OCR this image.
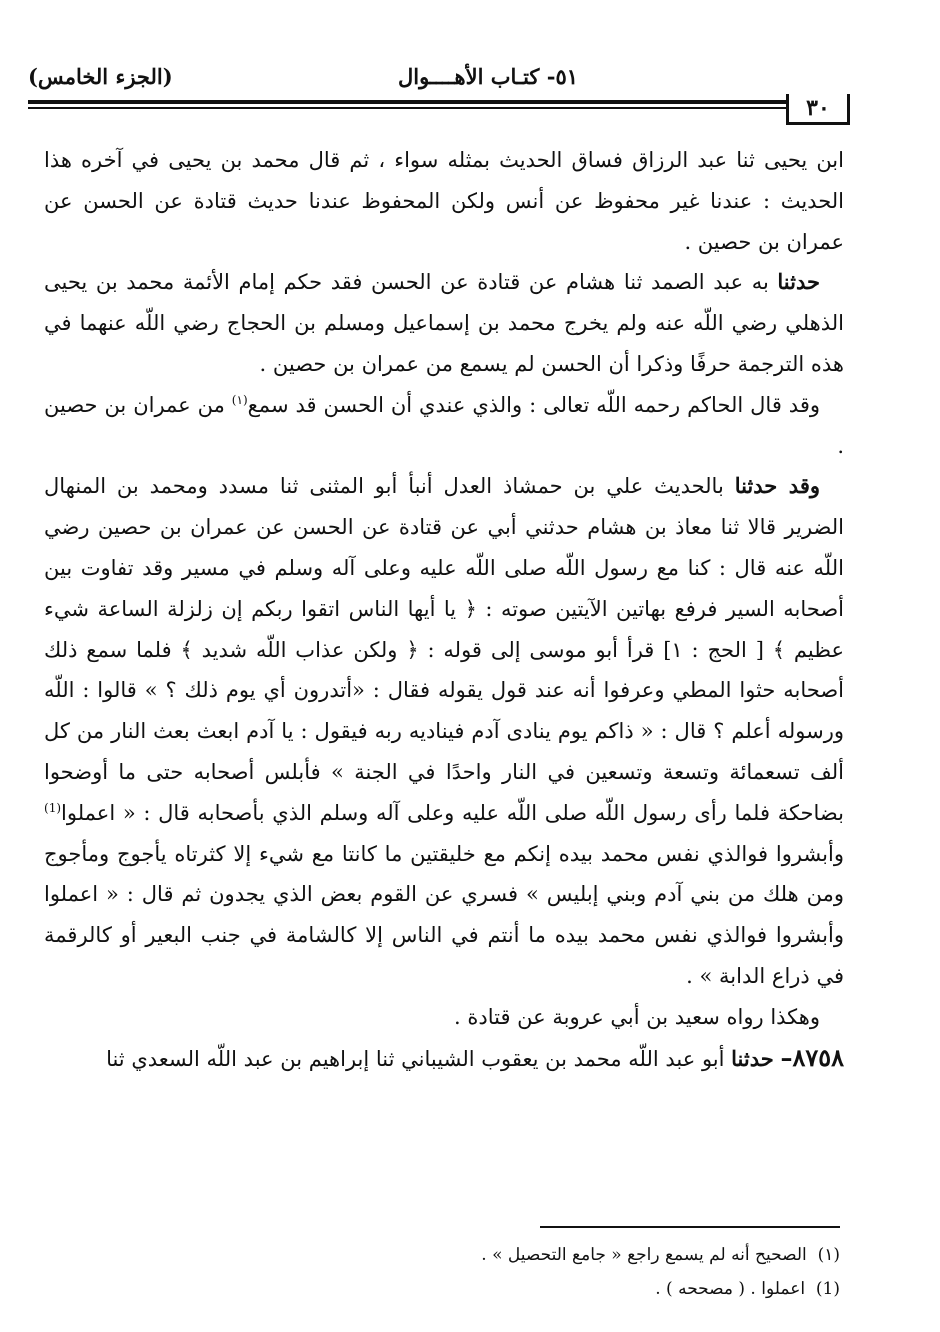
٥١- كتـاب الأهــــوال
(الجزء الخامس)
٣٠

ابن يحيى ثنا عبد الرزاق فساق الحديث بمثله سواء ، ثم قال محمد بن يحيى في آخره هذا الحديث : عندنا غير محفوظ عن أنس ولكن المحفوظ عندنا حديث قتادة عن الحسن عن عمران بن حصين .

حدثنا به عبد الصمد ثنا هشام عن قتادة عن الحسن فقد حكم إمام الأئمة محمد بن يحيى الذهلي رضي اللّه عنه ولم يخرج محمد بن إسماعيل ومسلم بن الحجاج رضي اللّه عنهما في هذه الترجمة حرفًا وذكرا أن الحسن لم يسمع من عمران بن حصين .

وقد قال الحاكم رحمه اللّه تعالى : والذي عندي أن الحسن قد سمع$^{(١)}$ من عمران بن حصين .

وقد حدثنا بالحديث علي بن حمشاذ العدل أنبأ أبو المثنى ثنا مسدد ومحمد بن المنهال الضرير قالا ثنا معاذ بن هشام حدثني أبي عن قتادة عن الحسن عن عمران بن حصين رضي اللّه عنه قال : كنا مع رسول اللّه صلى اللّه عليه وعلى آله وسلم في مسير وقد تفاوت بين أصحابه السير فرفع بهاتين الآيتين صوته : ﴿ يا أيها الناس اتقوا ربكم إن زلزلة الساعة شيء عظيم ﴾ [ الحج : ١] قرأ أبو موسى إلى قوله : ﴿ ولكن عذاب اللّه شديد ﴾ فلما سمع ذلك أصحابه حثوا المطي وعرفوا أنه عند قول يقوله فقال : «أتدرون أي يوم ذلك ؟ » قالوا : اللّه ورسوله أعلم ؟ قال : « ذاكم يوم ينادى آدم فيناديه ربه فيقول : يا آدم ابعث بعث النار من كل ألف تسعمائة وتسعة وتسعين في النار واحدًا في الجنة » فأبلس أصحابه حتى ما أوضحوا بضاحكة فلما رأى رسول اللّه صلى اللّه عليه وعلى آله وسلم الذي بأصحابه قال : « اعملوا$^{(1)}$ وأبشروا فوالذي نفس محمد بيده إنكم مع خليقتين ما كانتا مع شيء إلا كثرتاه يأجوج ومأجوج ومن هلك من بني آدم وبني إبليس » فسري عن القوم بعض الذي يجدون ثم قال : « اعملوا وأبشروا فوالذي نفس محمد بيده ما أنتم في الناس إلا كالشامة في جنب البعير أو كالرقمة في ذراع الدابة » .

وهكذا رواه سعيد بن أبي عروبة عن قتادة .

٨٧٥٨– حدثنا أبو عبد اللّه محمد بن يعقوب الشيباني ثنا إبراهيم بن عبد اللّه السعدي ثنا

(١)  الصحيح أنه لم يسمع راجع « جامع التحصيل » .

(1)  اعملوا . ( مصححه ) .
